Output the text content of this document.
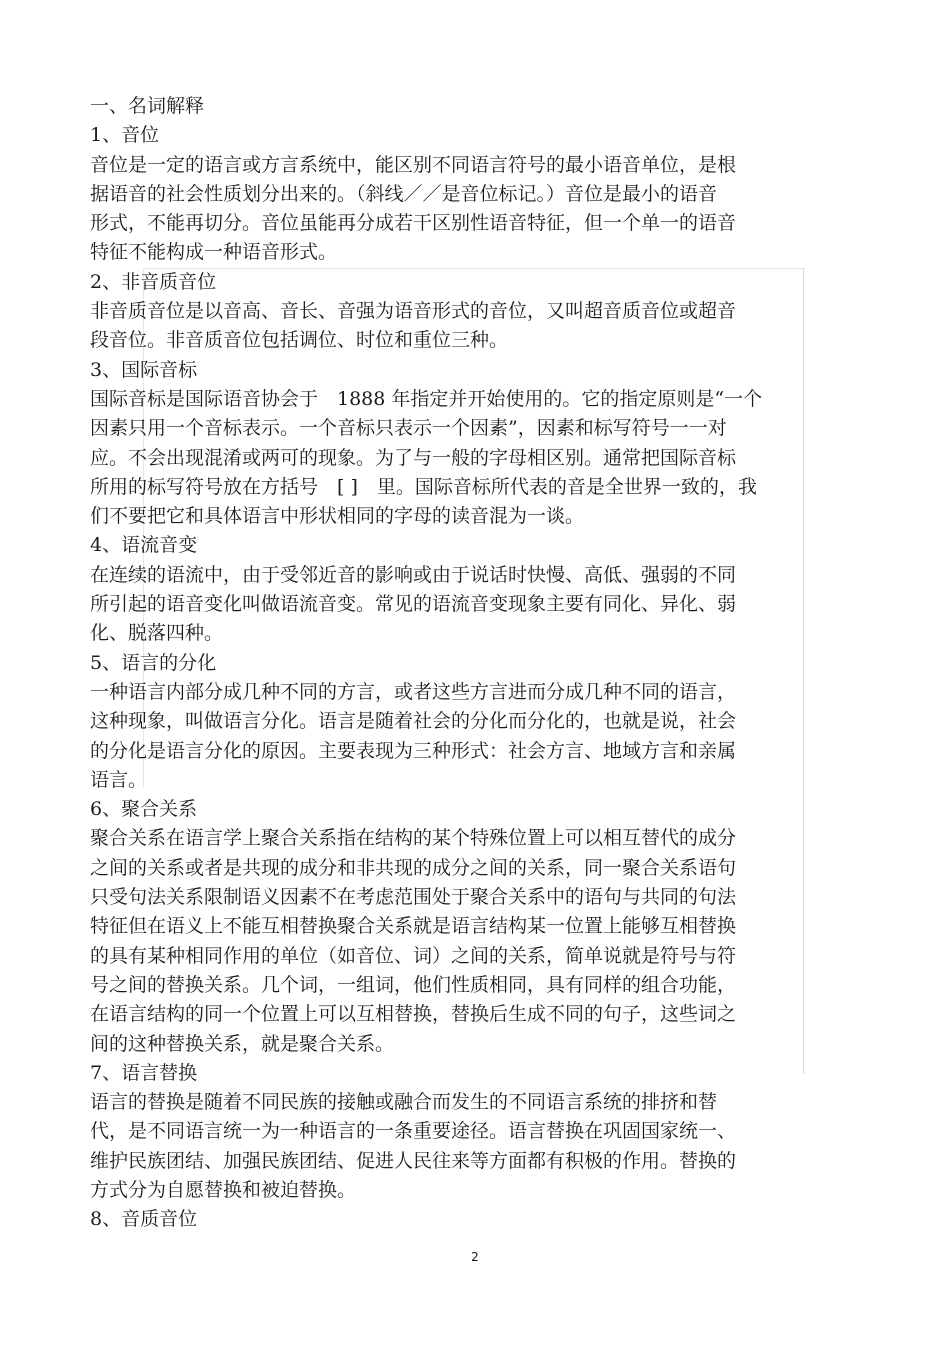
一、名词解释
1、音位
音位是一定的语言或方言系统中，能区别不同语言符号的最小语音单位，是根
据语音的社会性质划分出来的。（斜线／／是音位标记。）音位是最小的语音
形式，不能再切分。音位虽能再分成若干区别性语音特征，但一个单一的语音
特征不能构成一种语音形式。
2、非音质音位
非音质音位是以音高、音长、音强为语音形式的音位，又叫超音质音位或超音
段音位。非音质音位包括调位、时位和重位三种。
3、国际音标
国际音标是国际语音协会于　1888 年指定并开始使用的。它的指定原则是“一个
因素只用一个音标表示。一个音标只表示一个因素”，因素和标写符号一一对
应。不会出现混淆或两可的现象。为了与一般的字母相区别。通常把国际音标
所用的标写符号放在方括号　[ ]　里。国际音标所代表的音是全世界一致的，我
们不要把它和具体语言中形状相同的字母的读音混为一谈。
4、语流音变
在连续的语流中，由于受邻近音的影响或由于说话时快慢、高低、强弱的不同
所引起的语音变化叫做语流音变。常见的语流音变现象主要有同化、异化、弱
化、脱落四种。
5、语言的分化
一种语言内部分成几种不同的方言，或者这些方言进而分成几种不同的语言，
这种现象，叫做语言分化。语言是随着社会的分化而分化的，也就是说，社会
的分化是语言分化的原因。主要表现为三种形式：社会方言、地域方言和亲属
语言。
6、聚合关系
聚合关系在语言学上聚合关系指在结构的某个特殊位置上可以相互替代的成分
之间的关系或者是共现的成分和非共现的成分之间的关系，同一聚合关系语句
只受句法关系限制语义因素不在考虑范围处于聚合关系中的语句与共同的句法
特征但在语义上不能互相替换聚合关系就是语言结构某一位置上能够互相替换
的具有某种相同作用的单位（如音位、词）之间的关系，简单说就是符号与符
号之间的替换关系。几个词，一组词，他们性质相同，具有同样的组合功能，
在语言结构的同一个位置上可以互相替换，替换后生成不同的句子，这些词之
间的这种替换关系，就是聚合关系。
7、语言替换
语言的替换是随着不同民族的接触或融合而发生的不同语言系统的排挤和替
代，是不同语言统一为一种语言的一条重要途径。语言替换在巩固国家统一、
维护民族团结、加强民族团结、促进人民往来等方面都有积极的作用。替换的
方式分为自愿替换和被迫替换。
8、音质音位
2
